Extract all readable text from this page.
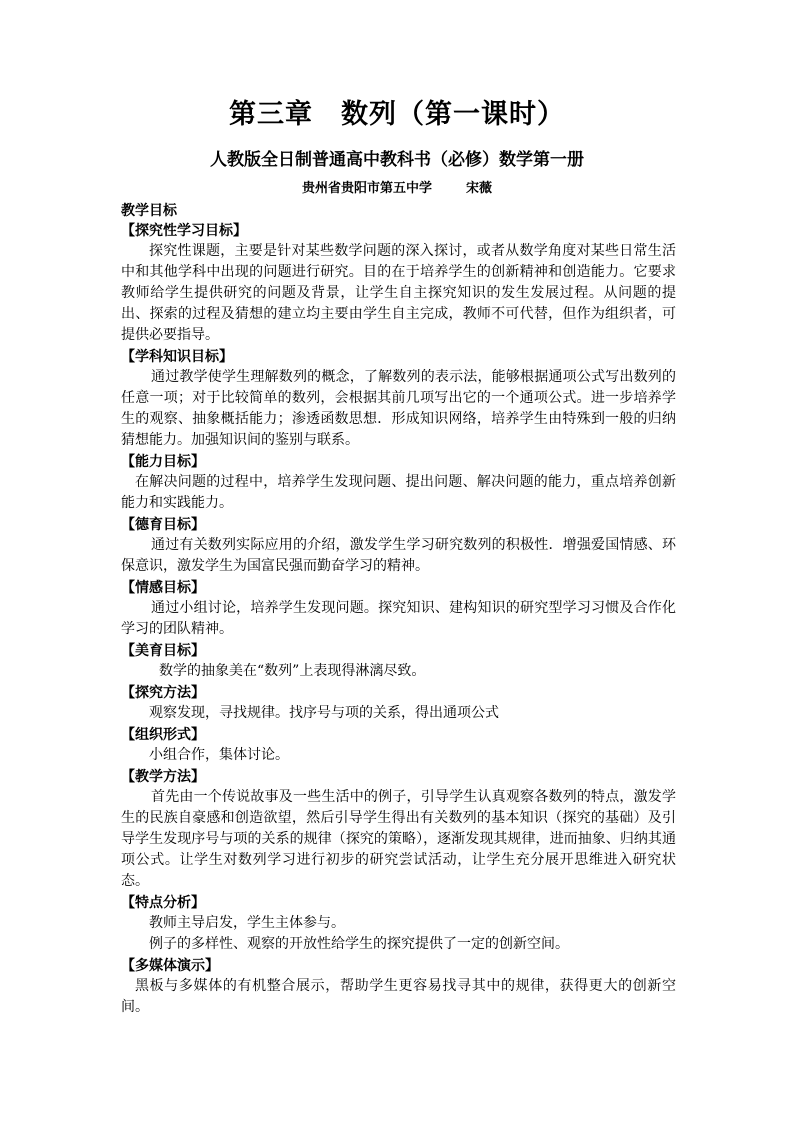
第三章　数列（第一课时）
人教版全日制普通高中教科书（必修）数学第一册
贵州省贵阳市第五中学	宋薇

教学目标

【探究性学习目标】

探究性课题，主要是针对某些数学问题的深入探讨，或者从数学角度对某些日常生活中和其他学科中出现的问题进行研究。目的在于培养学生的创新精神和创造能力。它要求教师给学生提供研究的问题及背景，让学生自主探究知识的发生发展过程。从问题的提出、探索的过程及猜想的建立均主要由学生自主完成，教师不可代替，但作为组织者，可提供必要指导。

【学科知识目标】

通过教学使学生理解数列的概念，了解数列的表示法，能够根据通项公式写出数列的任意一项；对于比较简单的数列，会根据其前几项写出它的一个通项公式。进一步培养学生的观察、抽象概括能力；渗透函数思想．形成知识网络，培养学生由特殊到一般的归纳猜想能力。加强知识间的鉴别与联系。

【能力目标】

在解决问题的过程中，培养学生发现问题、提出问题、解决问题的能力，重点培养创新能力和实践能力。

【德育目标】

通过有关数列实际应用的介绍，激发学生学习研究数列的积极性．增强爱国情感、环保意识，激发学生为国富民强而勤奋学习的精神。

【情感目标】

通过小组讨论，培养学生发现问题。探究知识、建构知识的研究型学习习惯及合作化学习的团队精神。

【美育目标】

数学的抽象美在“数列”上表现得淋漓尽致。

【探究方法】

观察发现，寻找规律。找序号与项的关系，得出通项公式

【组织形式】

小组合作，集体讨论。

【教学方法】

首先由一个传说故事及一些生活中的例子，引导学生认真观察各数列的特点，激发学生的民族自豪感和创造欲望，然后引导学生得出有关数列的基本知识（探究的基础）及引导学生发现序号与项的关系的规律（探究的策略），逐渐发现其规律，进而抽象、归纳其通项公式。让学生对数列学习进行初步的研究尝试活动，让学生充分展开思维进入研究状态。

【特点分析】

教师主导启发，学生主体参与。

例子的多样性、观察的开放性给学生的探究提供了一定的创新空间。

【多媒体演示】

黑板与多媒体的有机整合展示，帮助学生更容易找寻其中的规律，获得更大的创新空间。
